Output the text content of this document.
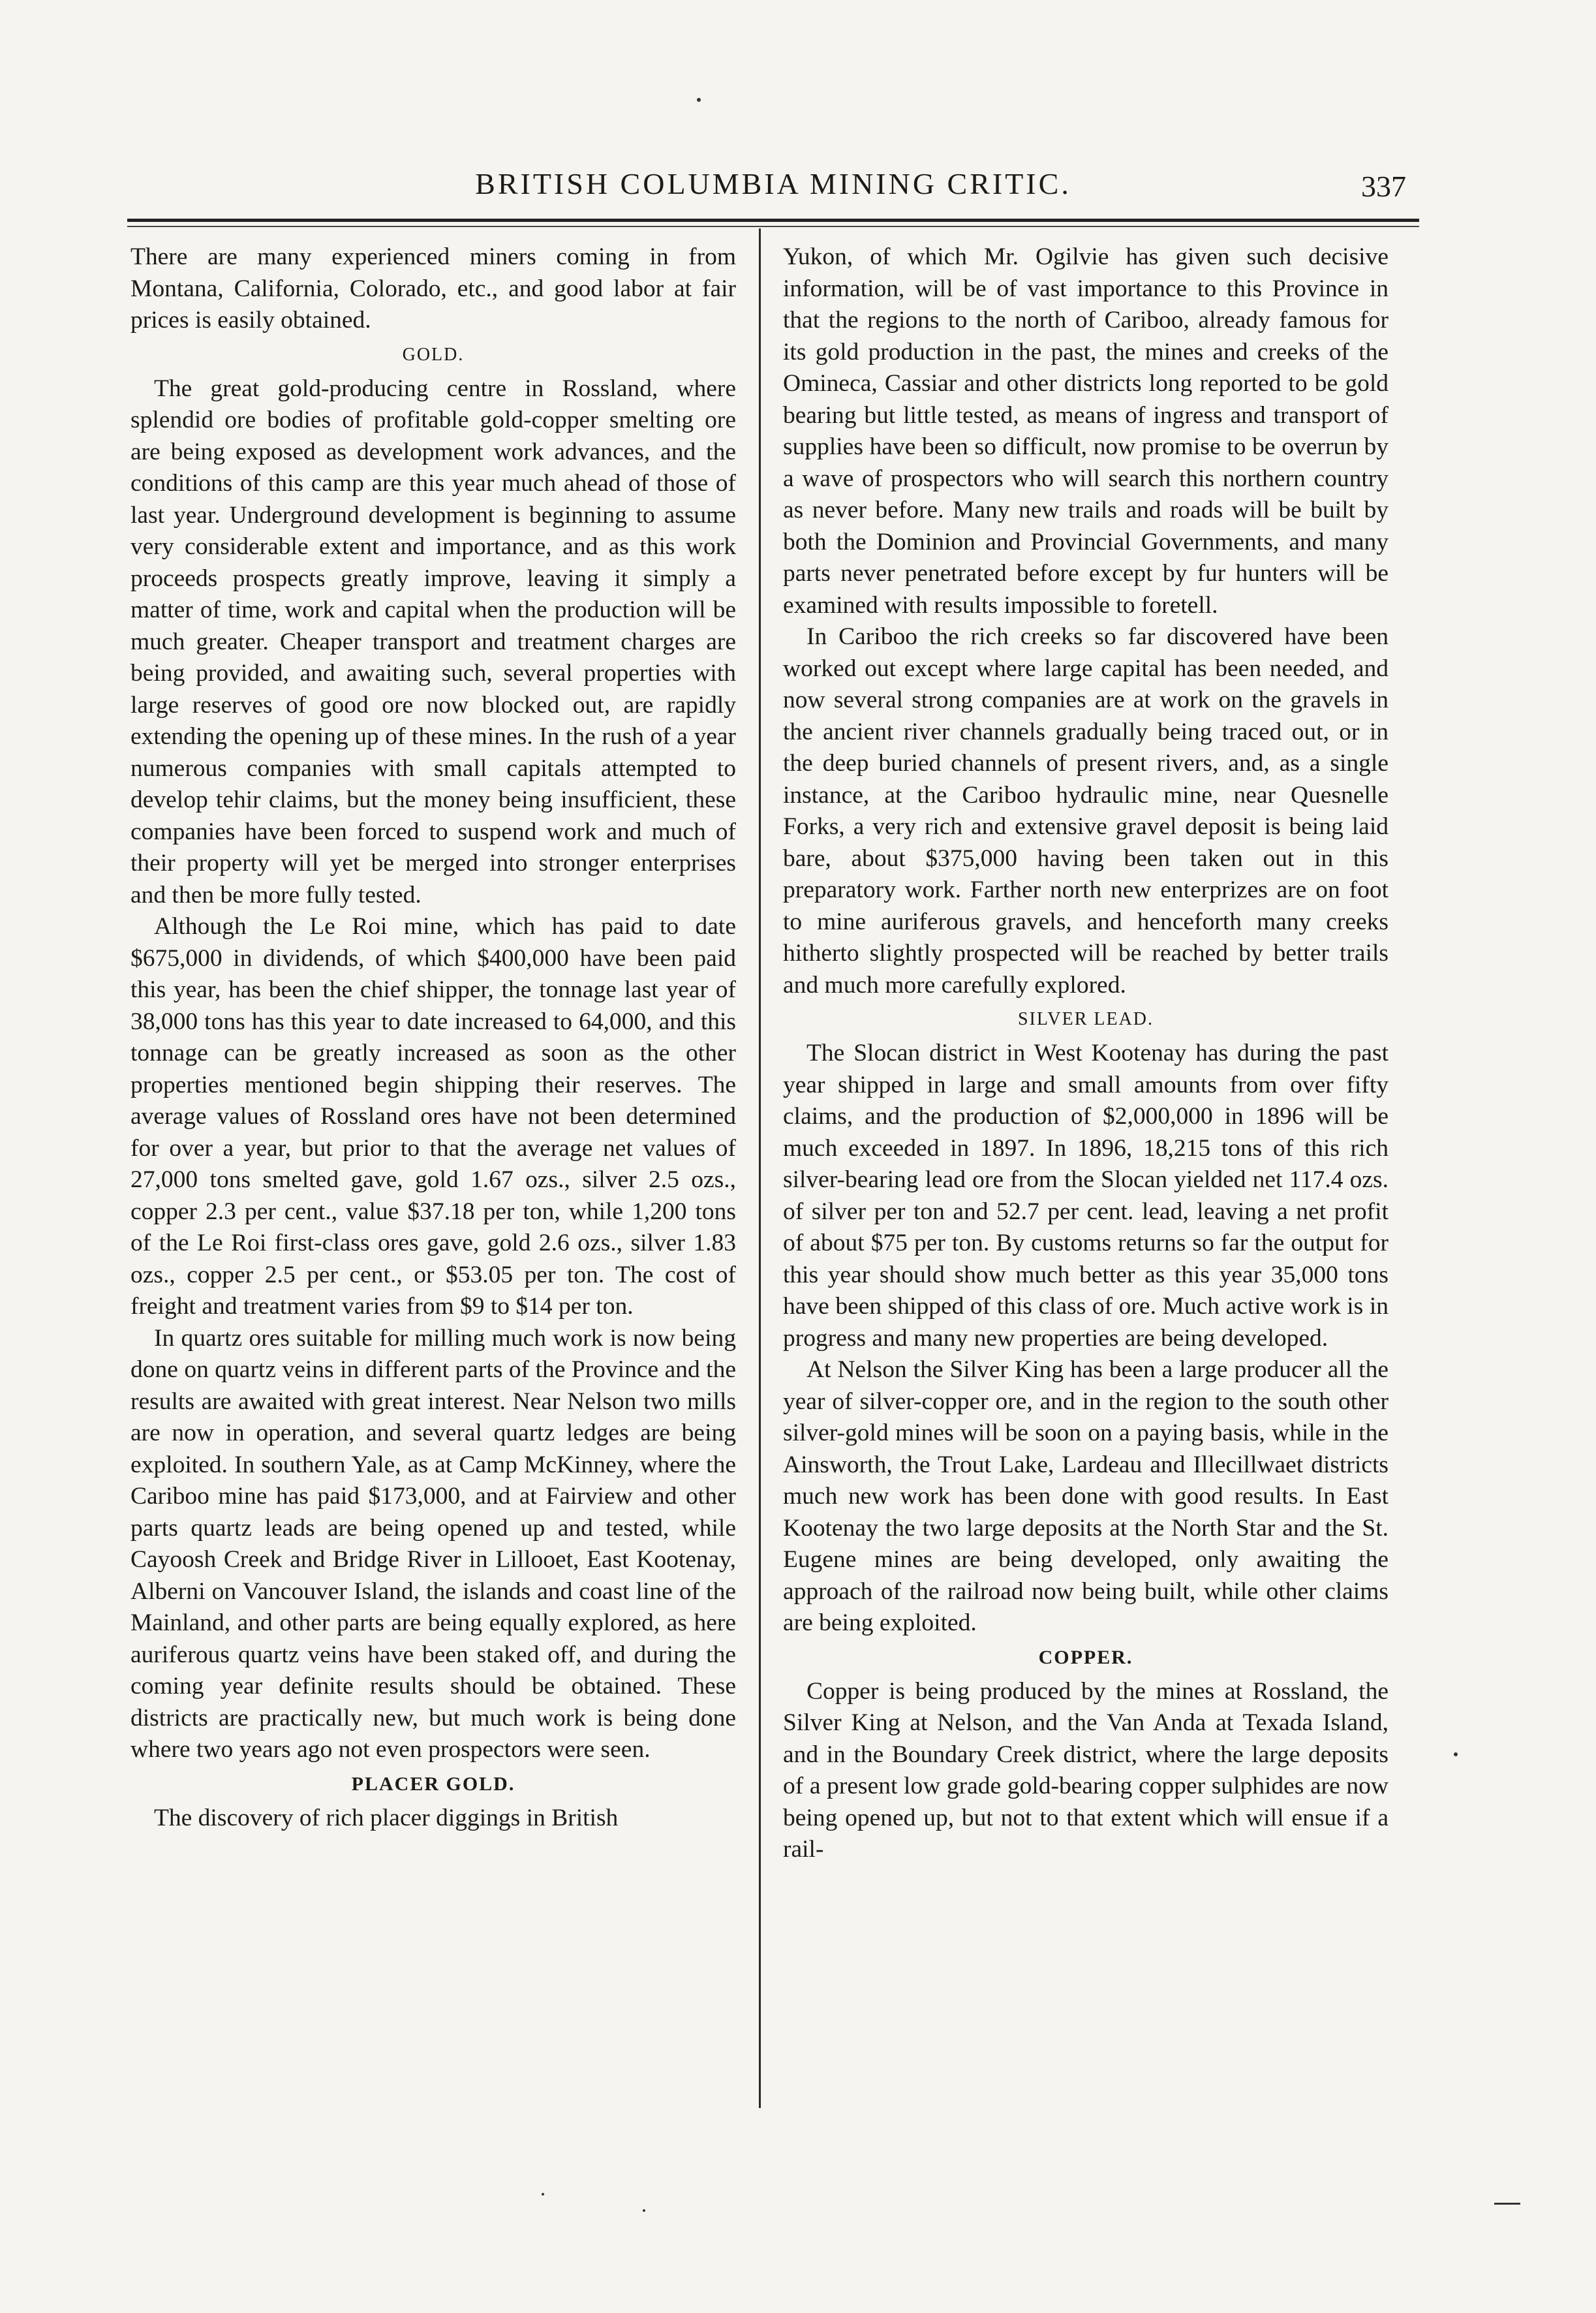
BRITISH COLUMBIA MINING CRITIC.	337

There are many experienced miners coming in from Montana, California, Colorado, etc., and good labor at fair prices is easily obtained.

GOLD.

The great gold-producing centre in Rossland, where splendid ore bodies of profitable gold-copper smelting ore are being exposed as development work advances, and the conditions of this camp are this year much ahead of those of last year. Underground development is beginning to assume very considerable extent and importance, and as this work proceeds prospects greatly improve, leaving it simply a matter of time, work and capital when the production will be much greater. Cheaper transport and treatment charges are being provided, and awaiting such, several properties with large reserves of good ore now blocked out, are rapidly extending the opening up of these mines. In the rush of a year numerous companies with small capitals attempted to develop tehir claims, but the money being insufficient, these companies have been forced to suspend work and much of their property will yet be merged into stronger enterprises and then be more fully tested.

Although the Le Roi mine, which has paid to date $675,000 in dividends, of which $400,000 have been paid this year, has been the chief shipper, the tonnage last year of 38,000 tons has this year to date increased to 64,000, and this tonnage can be greatly increased as soon as the other properties mentioned begin shipping their reserves. The average values of Rossland ores have not been determined for over a year, but prior to that the average net values of 27,000 tons smelted gave, gold 1.67 ozs., silver 2.5 ozs., copper 2.3 per cent., value $37.18 per ton, while 1,200 tons of the Le Roi first-class ores gave, gold 2.6 ozs., silver 1.83 ozs., copper 2.5 per cent., or $53.05 per ton. The cost of freight and treatment varies from $9 to $14 per ton.

In quartz ores suitable for milling much work is now being done on quartz veins in different parts of the Province and the results are awaited with great interest. Near Nelson two mills are now in operation, and several quartz ledges are being exploited. In southern Yale, as at Camp McKinney, where the Cariboo mine has paid $173,000, and at Fairview and other parts quartz leads are being opened up and tested, while Cayoosh Creek and Bridge River in Lillooet, East Kootenay, Alberni on Vancouver Island, the islands and coast line of the Mainland, and other parts are being equally explored, as here auriferous quartz veins have been staked off, and during the coming year definite results should be obtained. These districts are practically new, but much work is being done where two years ago not even prospectors were seen.

PLACER GOLD.

The discovery of rich placer diggings in British

Yukon, of which Mr. Ogilvie has given such decisive information, will be of vast importance to this Province in that the regions to the north of Cariboo, already famous for its gold production in the past, the mines and creeks of the Omineca, Cassiar and other districts long reported to be gold bearing but little tested, as means of ingress and transport of supplies have been so difficult, now promise to be overrun by a wave of prospectors who will search this northern country as never before. Many new trails and roads will be built by both the Dominion and Provincial Governments, and many parts never penetrated before except by fur hunters will be examined with results impossible to foretell.

In Cariboo the rich creeks so far discovered have been worked out except where large capital has been needed, and now several strong companies are at work on the gravels in the ancient river channels gradually being traced out, or in the deep buried channels of present rivers, and, as a single instance, at the Cariboo hydraulic mine, near Quesnelle Forks, a very rich and extensive gravel deposit is being laid bare, about $375,000 having been taken out in this preparatory work. Farther north new enterprizes are on foot to mine auriferous gravels, and henceforth many creeks hitherto slightly prospected will be reached by better trails and much more carefully explored.

SILVER LEAD.

The Slocan district in West Kootenay has during the past year shipped in large and small amounts from over fifty claims, and the production of $2,000,000 in 1896 will be much exceeded in 1897. In 1896, 18,215 tons of this rich silver-bearing lead ore from the Slocan yielded net 117.4 ozs. of silver per ton and 52.7 per cent. lead, leaving a net profit of about $75 per ton. By customs returns so far the output for this year should show much better as this year 35,000 tons have been shipped of this class of ore. Much active work is in progress and many new properties are being developed.

At Nelson the Silver King has been a large producer all the year of silver-copper ore, and in the region to the south other silver-gold mines will be soon on a paying basis, while in the Ainsworth, the Trout Lake, Lardeau and Illecillwaet districts much new work has been done with good results. In East Kootenay the two large deposits at the North Star and the St. Eugene mines are being developed, only awaiting the approach of the railroad now being built, while other claims are being exploited.

COPPER.

Copper is being produced by the mines at Rossland, the Silver King at Nelson, and the Van Anda at Texada Island, and in the Boundary Creek district, where the large deposits of a present low grade gold-bearing copper sulphides are now being opened up, but not to that extent which will ensue if a rail-
